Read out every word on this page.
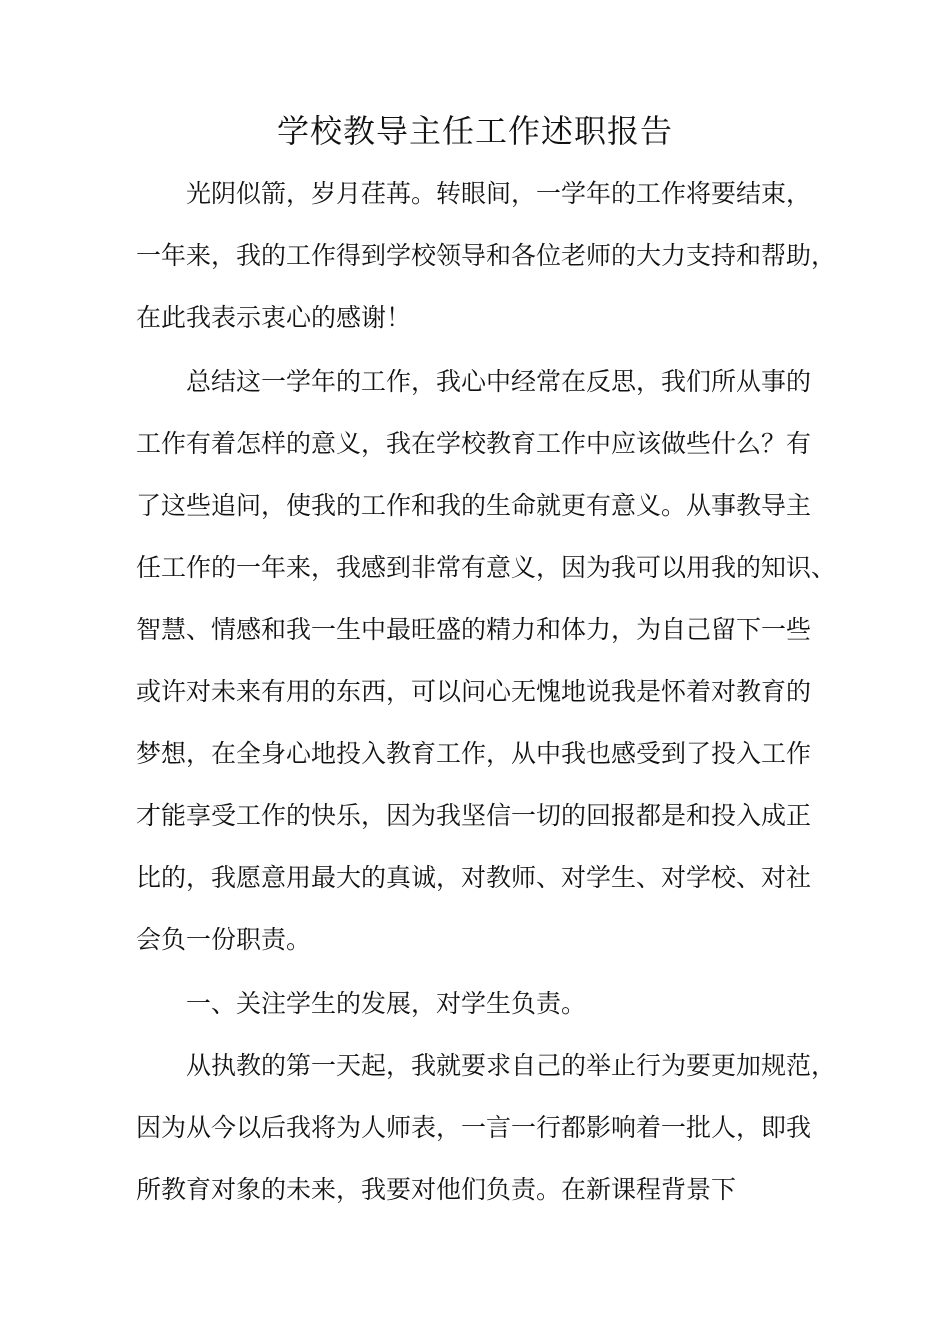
学校教导主任工作述职报告
光阴似箭，岁月荏苒。转眼间，一学年的工作将要结束，
一年来，我的工作得到学校领导和各位老师的大力支持和帮助，
在此我表示衷心的感谢！
总结这一学年的工作，我心中经常在反思，我们所从事的
工作有着怎样的意义，我在学校教育工作中应该做些什么？有
了这些追问，使我的工作和我的生命就更有意义。从事教导主
任工作的一年来，我感到非常有意义，因为我可以用我的知识、
智慧、情感和我一生中最旺盛的精力和体力，为自己留下一些
或许对未来有用的东西，可以问心无愧地说我是怀着对教育的
梦想，在全身心地投入教育工作，从中我也感受到了投入工作
才能享受工作的快乐，因为我坚信一切的回报都是和投入成正
比的，我愿意用最大的真诚，对教师、对学生、对学校、对社
会负一份职责。
一、关注学生的发展，对学生负责。
从执教的第一天起，我就要求自己的举止行为要更加规范，
因为从今以后我将为人师表，一言一行都影响着一批人，即我
所教育对象的未来，我要对他们负责。在新课程背景下
